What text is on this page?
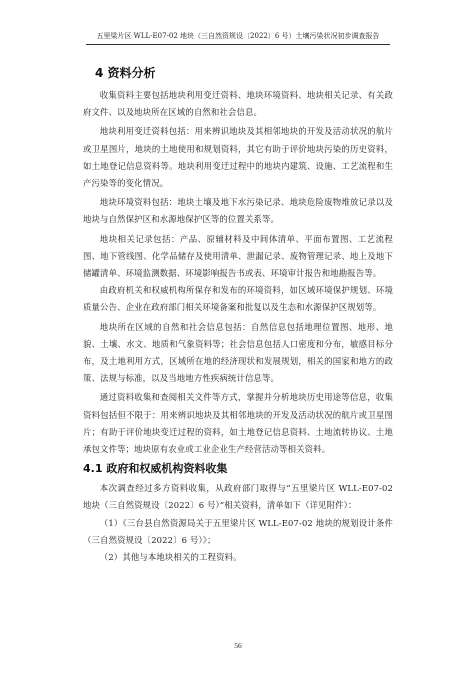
五里梁片区 WLL-E07-02 地块（三自然资规设〔2022〕6 号）土壤污染状况初步调查报告
4 资料分析

收集资料主要包括地块利用变迁资料、地块环境资料、地块相关记录、有关政府文件、以及地块所在区域的自然和社会信息。

地块利用变迁资料包括：用来辨识地块及其相邻地块的开发及活动状况的航片或卫星图片，地块的土地使用和规划资料，其它有助于评价地块污染的历史资料，如土地登记信息资料等。地块利用变迁过程中的地块内建筑、设施、工艺流程和生产污染等的变化情况。

地块环境资料包括：地块土壤及地下水污染记录、地块危险废物堆放记录以及地块与自然保护区和水源地保护区等的位置关系等。

地块相关记录包括：产品、原辅材料及中间体清单、平面布置图、工艺流程图、地下管线图、化学品储存及使用清单、泄漏记录、废物管理记录、地上及地下储罐清单、环境监测数据、环境影响报告书或表、环境审计报告和地勘报告等。

由政府机关和权威机构所保存和发布的环境资料，如区域环境保护规划、环境质量公告、企业在政府部门相关环境备案和批复以及生态和水源保护区规划等。

地块所在区域的自然和社会信息包括：自然信息包括地理位置图、地形、地貌、土壤、水文、地质和气象资料等；社会信息包括人口密度和分布，敏感目标分布，及土地利用方式，区域所在地的经济现状和发展规划，相关的国家和地方的政策、法规与标准，以及当地地方性疾病统计信息等。

通过资料收集和查阅相关文件等方式，掌握并分析地块历史用途等信息，收集资料包括但不限于：用来辨识地块及其相邻地块的开发及活动状况的航片或卫星图片；有助于评价地块变迁过程的资料，如土地登记信息资料、土地流转协议、土地承包文件等；地块原有农业或工业企业生产经营活动等相关资料。

4.1 政府和权威机构资料收集

本次调查经过多方资料收集，从政府部门取得与“五里梁片区 WLL-E07-02 地块（三自然资规设〔2022〕6 号）”相关资料，清单如下（详见附件）：

（1）《三台县自然资源局关于五里梁片区 WLL-E07-02 地块的规划设计条件（三自然资规设〔2022〕6 号）》；

（2）其他与本地块相关的工程资料。

56
